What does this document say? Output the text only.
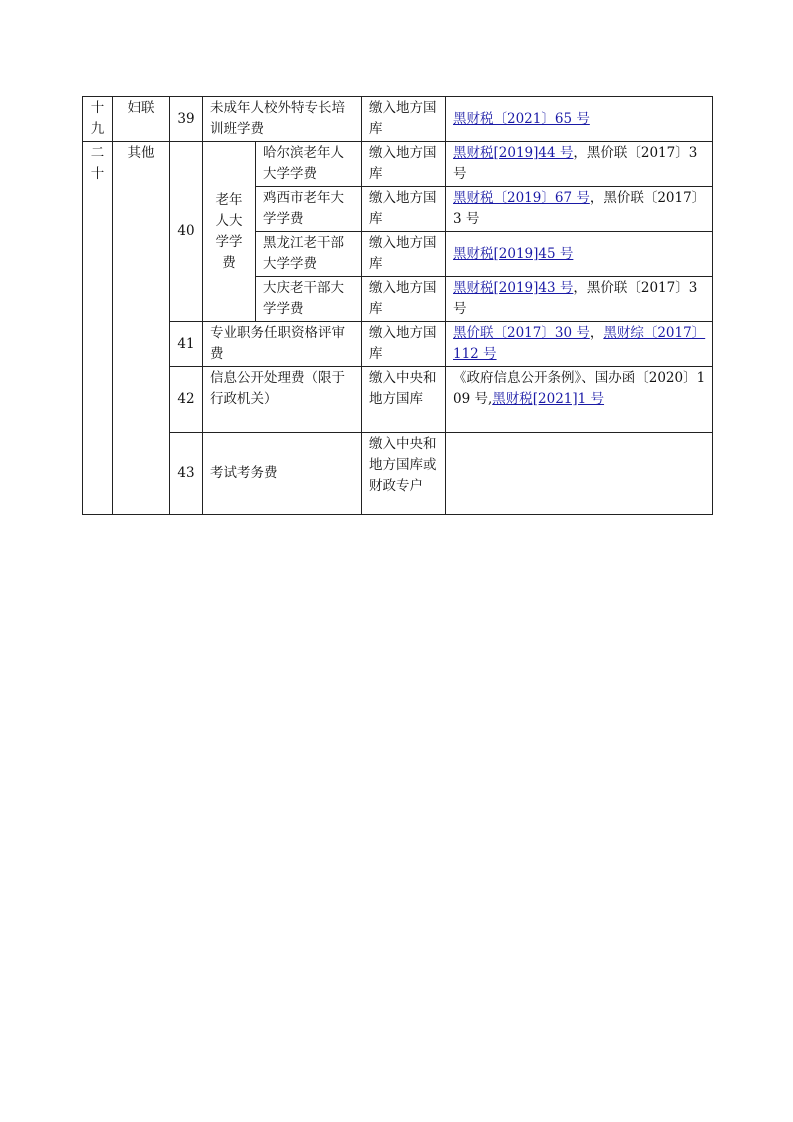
十九	妇联	39	未成年人校外特专长培训班学费		缴入地方国库	黑财税〔2021〕65 号
二十	其他	40	老年人大学学费	哈尔滨老年人大学学费	缴入地方国库	黑财税[2019]44 号，黑价联〔2017〕3 号
				鸡西市老年大学学费	缴入地方国库	黑财税〔2019〕67 号，黑价联〔2017〕3 号
				黑龙江老干部大学学费	缴入地方国库	黑财税[2019]45 号
				大庆老干部大学学费	缴入地方国库	黑财税[2019]43 号，黑价联〔2017〕3 号
		41	专业职务任职资格评审费		缴入地方国库	黑价联〔2017〕30 号，黑财综〔2017〕112 号
		42	信息公开处理费（限于行政机关）		缴入中央和地方国库	《政府信息公开条例》、国办函〔2020〕109 号,黑财税[2021]1 号
		43	考试考务费		缴入中央和地方国库或财政专户	
